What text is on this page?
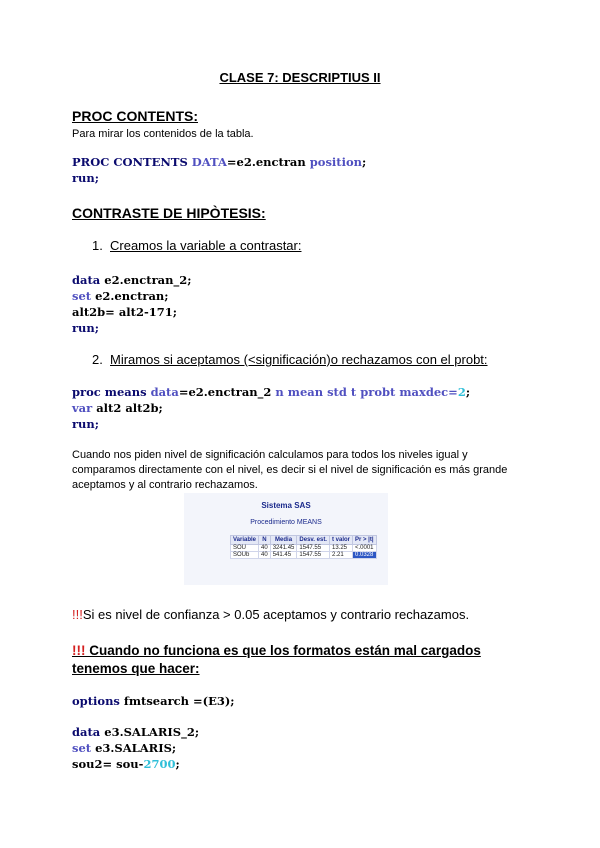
CLASE 7: DESCRIPTIUS II
PROC CONTENTS:
Para mirar los contenidos de la tabla.
PROC CONTENTS DATA=e2.enctran position;
run;
CONTRASTE DE HIPÒTESIS:
1. Creamos la variable a contrastar:
data e2.enctran_2;
set e2.enctran;
alt2b= alt2-171;
run;
2. Miramos si aceptamos (<significación)o rechazamos con el probt:
proc means data=e2.enctran_2 n mean std t probt maxdec=2;
var alt2 alt2b;
run;
Cuando nos piden nivel de significación calculamos para todos los niveles igual y comparamos directamente con el nivel, es decir si el nivel de significación es más grande aceptamos y al contrario rechazamos.
Sistema SAS
Procedimiento MEANS
Variable	N	Media	Desv. est.	t valor	Pr > |t|
SOU	40	3241.45	1547.55	13.25	<.0001
SOUb	40	541.45	1547.55	2.21	0.0328
!!!Si es nivel de confianza > 0.05 aceptamos y contrario rechazamos.
!!! Cuando no funciona es que los formatos están mal cargados tenemos que hacer:
options fmtsearch =(E3);
data e3.SALARIS_2;
set e3.SALARIS;
sou2= sou-2700;
